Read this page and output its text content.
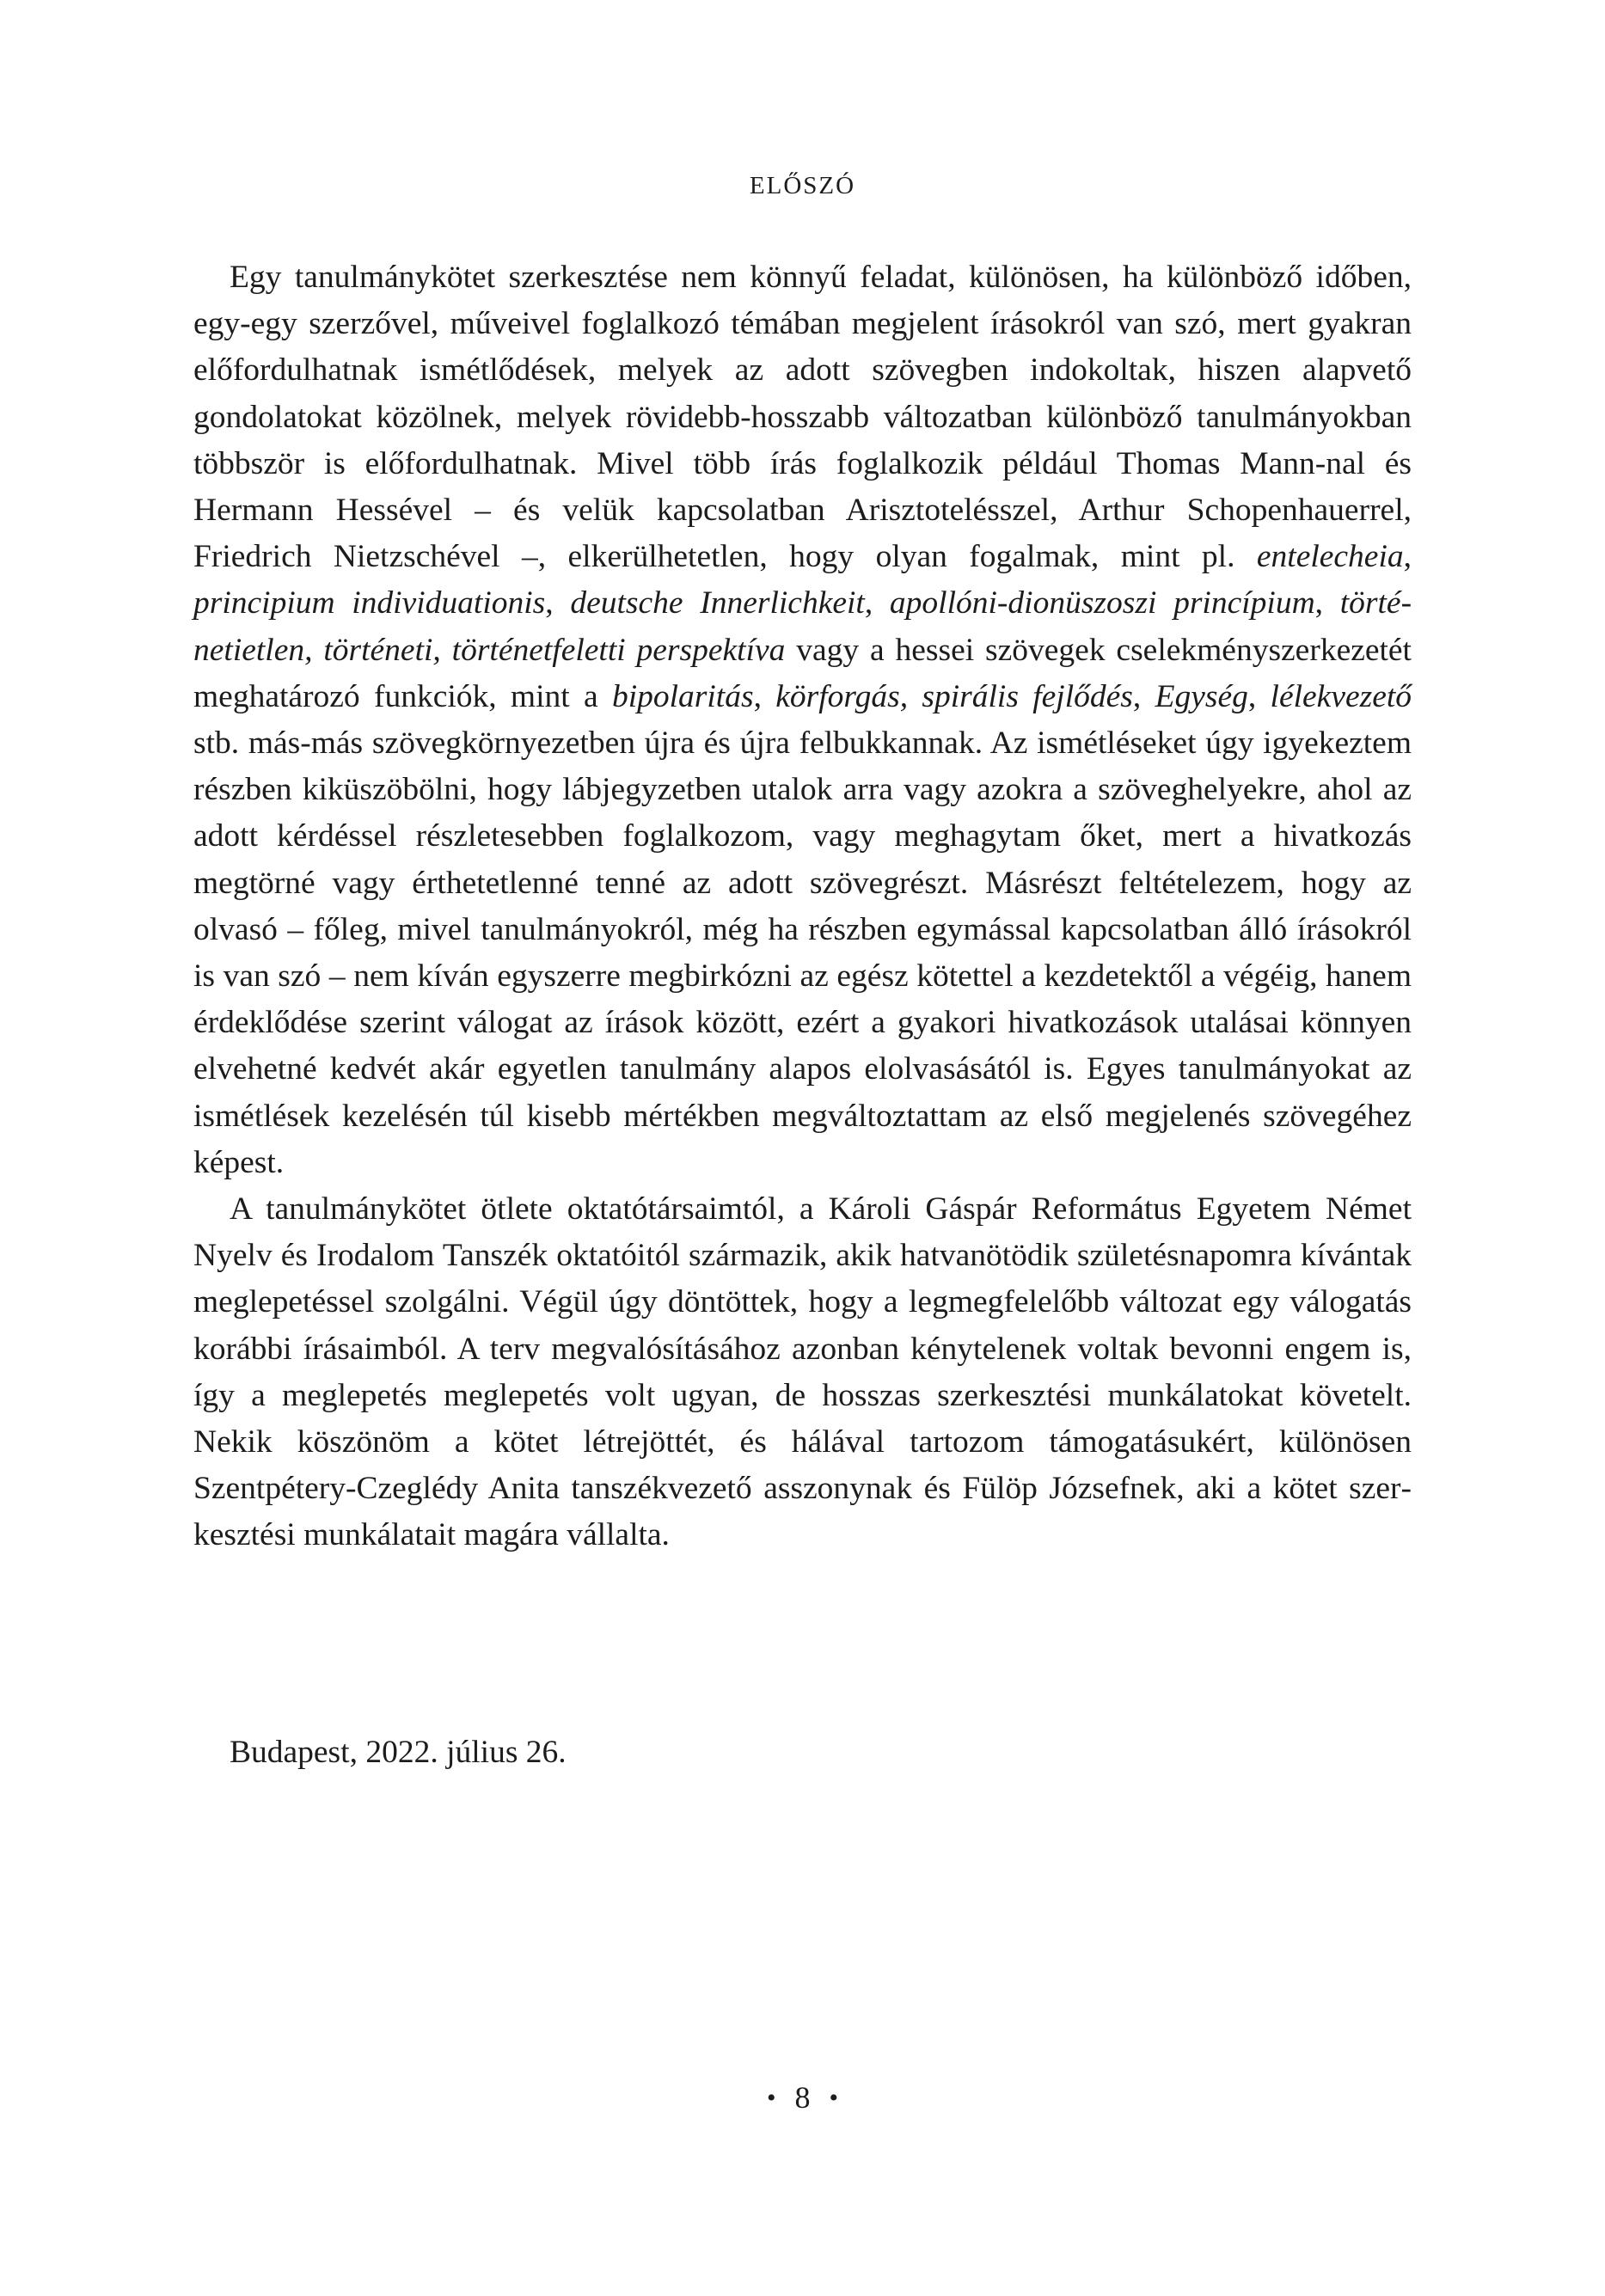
ELŐSZÓ

Egy tanulmánykötet szerkesztése nem könnyű feladat, különösen, ha különböző időben, egy-egy szerzővel, műveivel foglalkozó témában megjelent írásokról van szó, mert gyakran előfordulhatnak ismétlődések, melyek az adott szövegben indokoltak, hiszen alapvető gondolatokat közölnek, melyek rövidebb-hosszabb változatban különböző tanulmányokban többször is előfordulhatnak. Mivel több írás foglalkozik például Thomas Mann-nal és Hermann Hessével – és velük kapcsolatban Arisztotelésszel, Arthur Schopenhauerrel, Friedrich Nietzschével –, elkerülhetetlen, hogy olyan fogalmak, mint pl. entelecheia, principium individuationis, deutsche Innerlichkeit, apollóni-dionüszoszi princípium, történetietlen, történeti, történetfeletti perspektíva vagy a hessei szövegek cselekményszerkezetét meghatározó funkciók, mint a bipolaritás, körforgás, spirális fejlődés, Egység, lélekvezető stb. más-más szövegkörnyezetben újra és újra felbukkannak. Az ismétléseket úgy igyekeztem részben kiküszöbölni, hogy lábjegyzetben utalok arra vagy azokra a szöveghelyekre, ahol az adott kérdéssel részletesebben foglalkozom, vagy meghagytam őket, mert a hivatkozás megtörné vagy érthetetlenné tenné az adott szövegrészt. Másrészt feltételezem, hogy az olvasó – főleg, mivel tanulmányokról, még ha részben egymással kapcsolatban álló írásokról is van szó – nem kíván egyszerre megbirkózni az egész kötettel a kezdetektől a végéig, hanem érdeklődése szerint válogat az írások között, ezért a gyakori hivatkozások utalásai könnyen elvehetné kedvét akár egyetlen tanulmány alapos elolvasásától is. Egyes tanulmányokat az ismétlések kezelésén túl kisebb mértékben megváltoztattam az első megjelenés szövegéhez képest.

A tanulmánykötet ötlete oktatótársaimtól, a Károli Gáspár Református Egyetem Német Nyelv és Irodalom Tanszék oktatóitól származik, akik hatvanötödik születésnapomra kívántak meglepetéssel szolgálni. Végül úgy döntöttek, hogy a legmegfelelőbb változat egy válogatás korábbi írásaimból. A terv megvalósításához azonban kénytelenek voltak bevonni engem is, így a meglepetés meglepetés volt ugyan, de hosszas szerkesztési munkálatokat követelt. Nekik köszönöm a kötet létrejöttét, és hálával tartozom támogatásukért, különösen Szentpétery-Czeglédy Anita tanszékvezető asszonynak és Fülöp Józsefnek, aki a kötet szerkesztési munkálatait magára vállalta.

Budapest, 2022. július 26.
• 8 •
